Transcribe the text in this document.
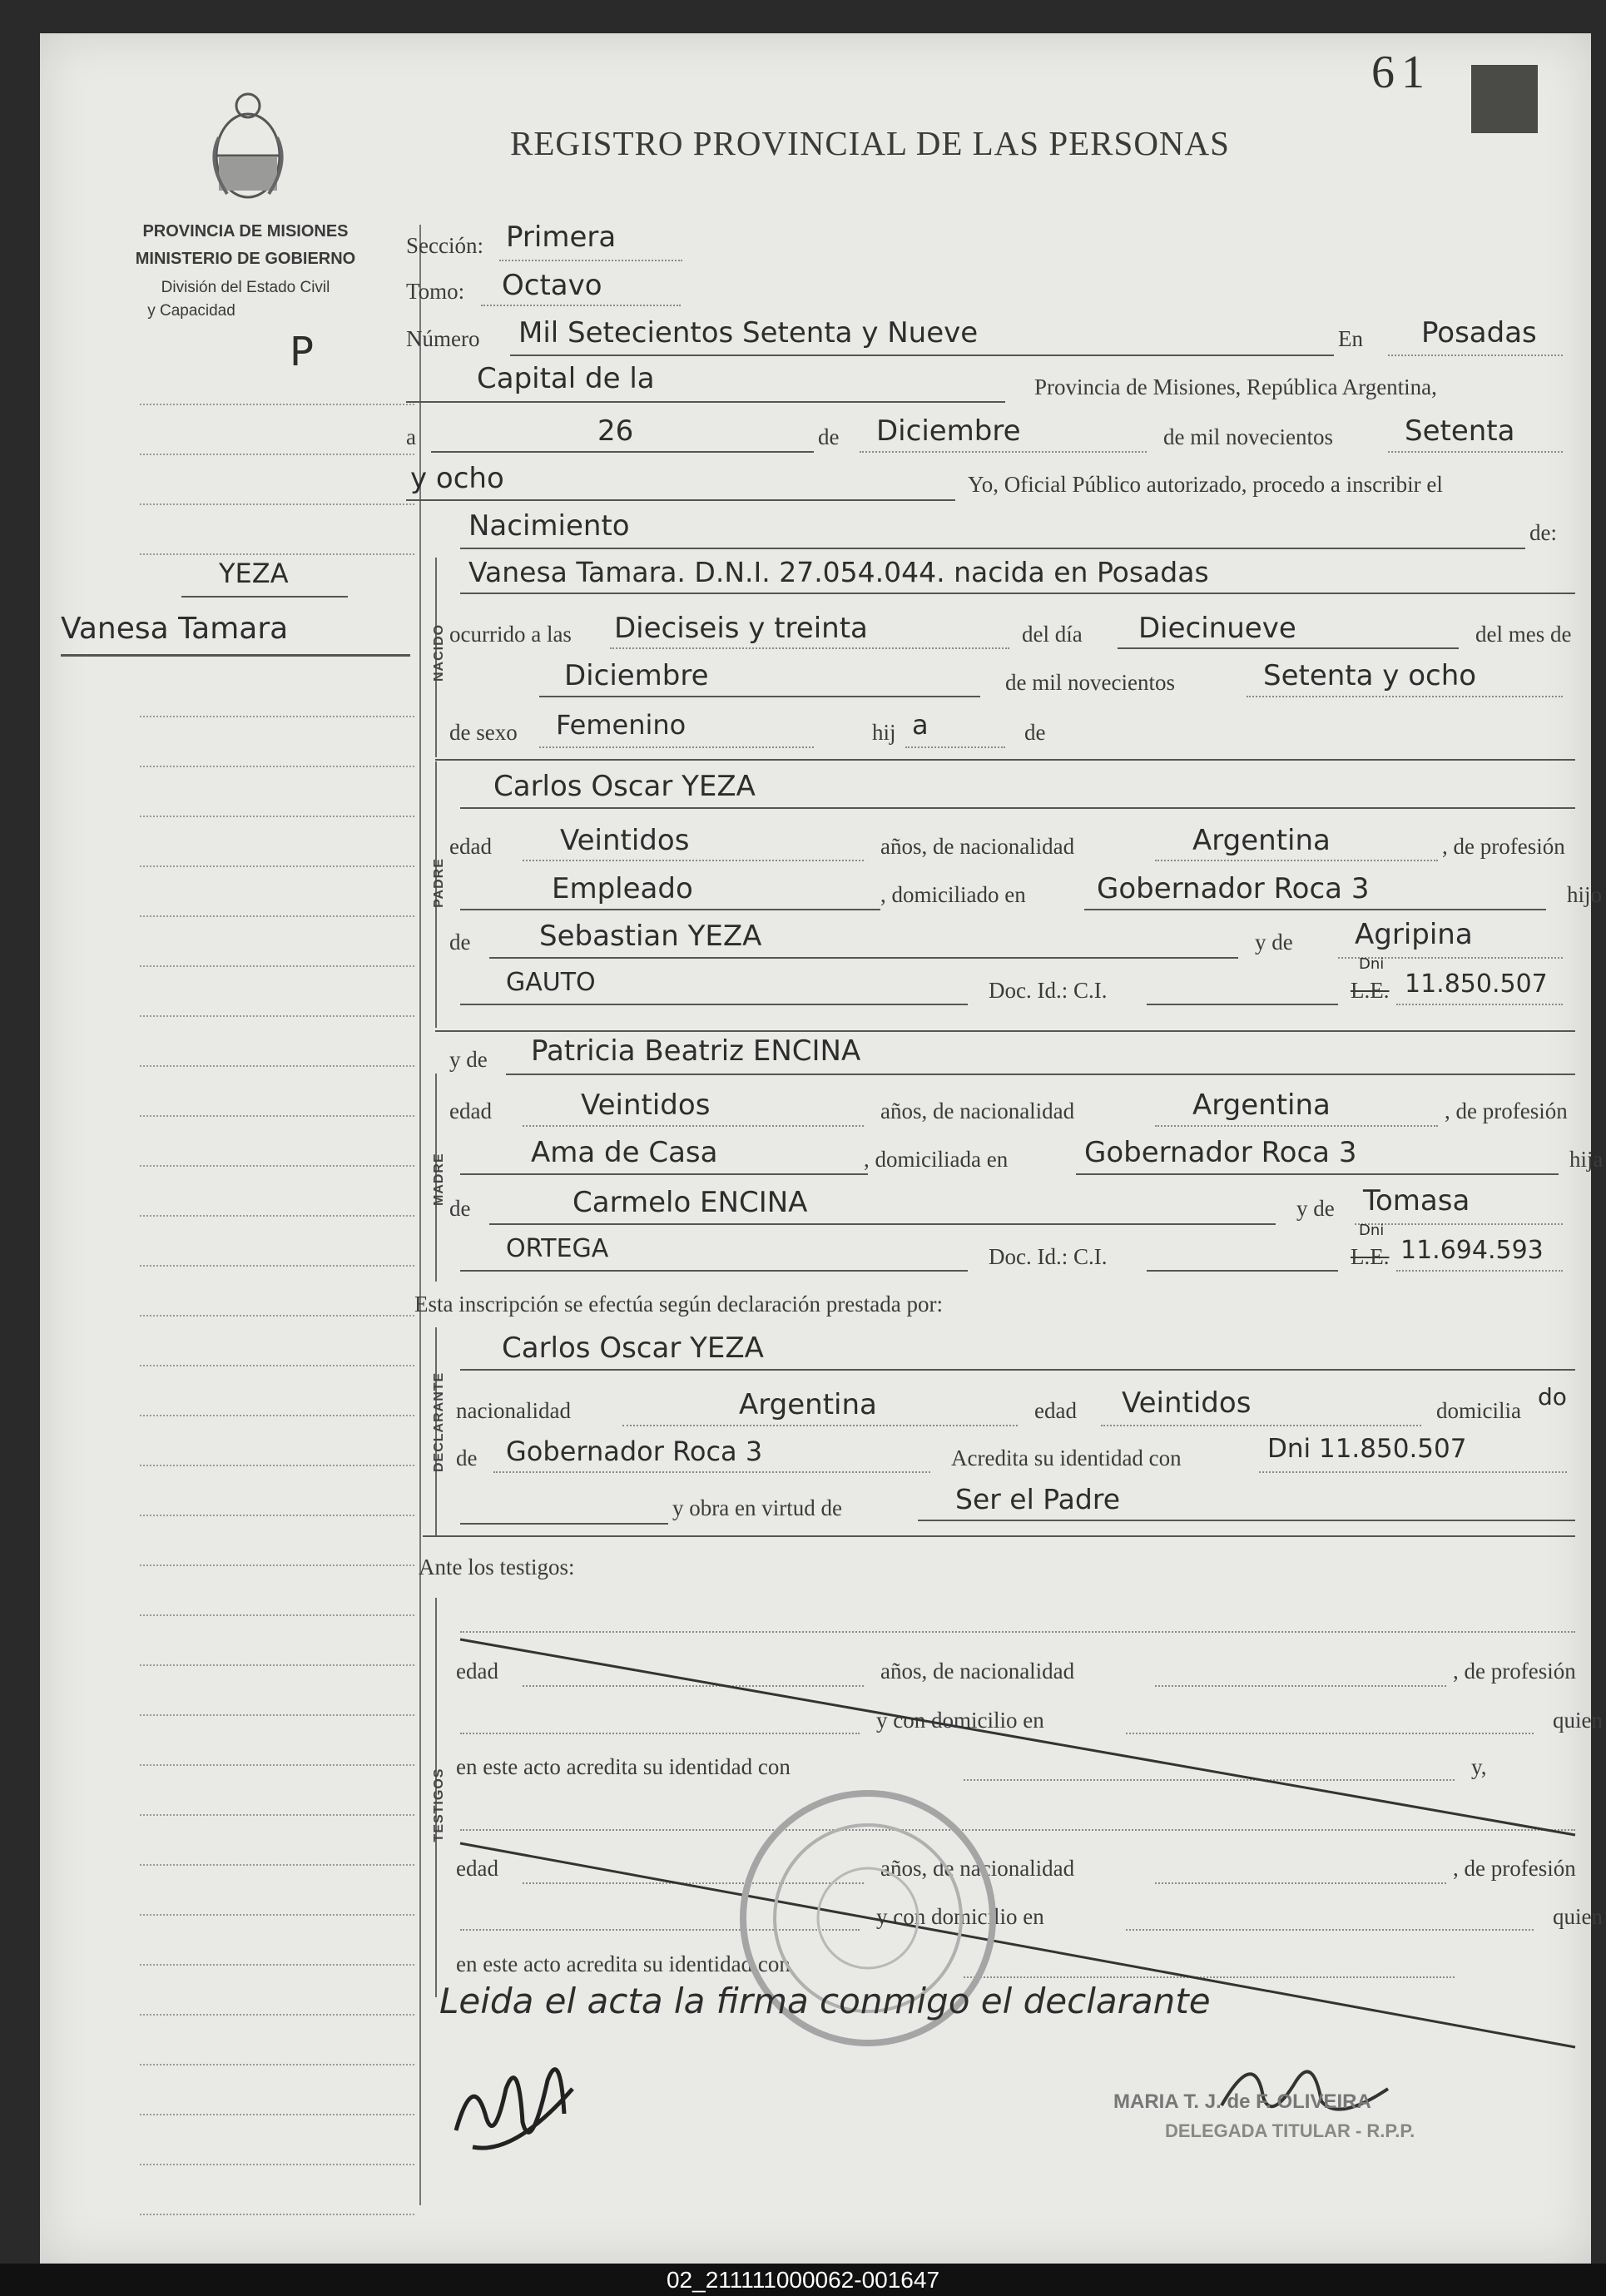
61
REGISTRO PROVINCIAL DE LAS PERSONAS
PROVINCIA DE MISIONES
MINISTERIO DE GOBIERNO
División del Estado Civil
y Capacidad
P
YEZA
Vanesa Tamara
Sección: Primera
Tomo: Octavo
Número Mil Setecientos Setenta y Nueve	En Posadas
Capital de la	Provincia de Misiones, República Argentina,
a	26	de Diciembre	de mil novecientos	Setenta
y ocho	Yo, Oficial Público autorizado, procedo a inscribir el
Nacimiento	de:
NACIDO
Vanesa Tamara. D.N.I. 27.054.044. nacida en Posadas
ocurrido a las Dieciseis y treinta	del día Diecinueve	del mes de
Diciembre	de mil novecientos	Setenta y ocho
de sexo Femenino	hij a	de
PADRE
Carlos Oscar YEZA
edad Veintidos	años, de nacionalidad	Argentina	, de profesión
Empleado	, domiciliado en	Gobernador Roca 3	hijo
de Sebastian YEZA	y de Agripina
GAUTO	Doc. Id.: C.I.	L.E.
Dni
11.850.507
y de Patricia Beatriz ENCINA
MADRE
edad	Veintidos	años, de nacionalidad	Argentina	, de profesión
Ama de Casa	, domiciliada en	Gobernador Roca 3	hija
de	Carmelo ENCINA	y de Tomasa
ORTEGA	Doc. Id.: C.I.	L.E.
Dni
11.694.593
Esta inscripción se efectúa según declaración prestada por:
DECLARANTE
Carlos Oscar YEZA
nacionalidad	Argentina	edad Veintidos	domicilia do
de Gobernador Roca 3	Acredita su identidad con	Dni 11.850.507
y obra en virtud de	Ser el Padre
Ante los testigos:
TESTIGOS
edad	años, de nacionalidad	, de profesión
y con domicilio en	quien
en este acto acredita su identidad con	y,
edad	años, de nacionalidad	, de profesión
y con domicilio en	quien
en este acto acredita su identidad con
Leida el acta la firma conmigo el declarante
MARIA T. J. de F. OLIVEIRA
DELEGADA TITULAR - R.P.P.
02_211111000062-001647
